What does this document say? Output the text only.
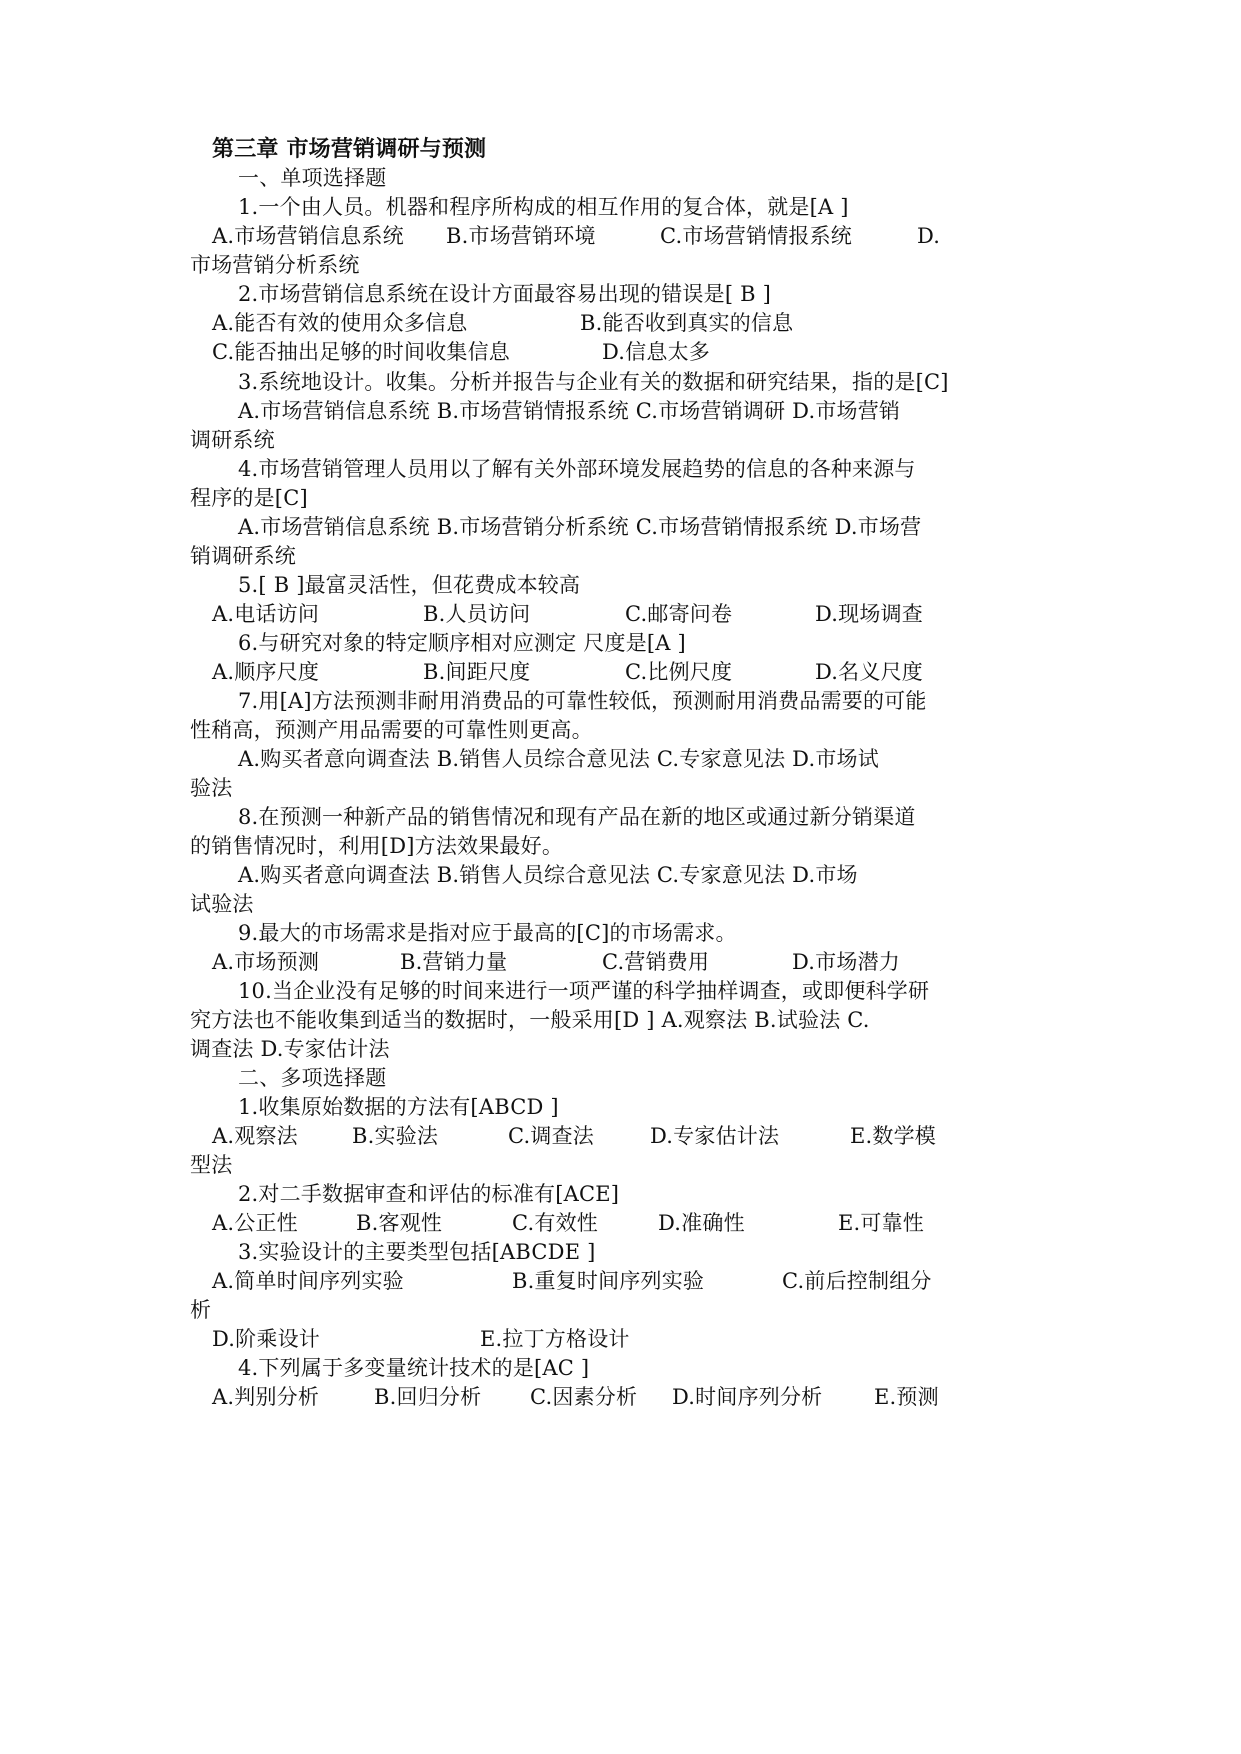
第三章 市场营销调研与预测
一、单项选择题
1.一个由人员。机器和程序所构成的相互作用的复合体，就是[A ]
A.市场营销信息系统 B.市场营销环境	C.市场营销情报系统	D.
市场营销分析系统
2.市场营销信息系统在设计方面最容易出现的错误是[ B ]
A.能否有效的使用众多信息	B.能否收到真实的信息
C.能否抽出足够的时间收集信息	D.信息太多
3.系统地设计。收集。分析并报告与企业有关的数据和研究结果，指的是[C]
A.市场营销信息系统 B.市场营销情报系统 C.市场营销调研 D.市场营销
调研系统
4.市场营销管理人员用以了解有关外部环境发展趋势的信息的各种来源与
程序的是[C]
A.市场营销信息系统 B.市场营销分析系统 C.市场营销情报系统 D.市场营
销调研系统
5.[ B ]最富灵活性，但花费成本较高
A.电话访问	B.人员访问	C.邮寄问卷	D.现场调查
6.与研究对象的特定顺序相对应测定 尺度是[A ]
A.顺序尺度	B.间距尺度	C.比例尺度	D.名义尺度
7.用[A]方法预测非耐用消费品的可靠性较低，预测耐用消费品需要的可能
性稍高，预测产用品需要的可靠性则更高。
A.购买者意向调查法 B.销售人员综合意见法 C.专家意见法 D.市场试
验法
8.在预测一种新产品的销售情况和现有产品在新的地区或通过新分销渠道
的销售情况时，利用[D]方法效果最好。
A.购买者意向调查法 B.销售人员综合意见法 C.专家意见法 D.市场
试验法
9.最大的市场需求是指对应于最高的[C]的市场需求。
A.市场预测	B.营销力量	C.营销费用	D.市场潜力
10.当企业没有足够的时间来进行一项严谨的科学抽样调查，或即便科学研
究方法也不能收集到适当的数据时，一般采用[D ] A.观察法 B.试验法 C.
调查法 D.专家估计法
二、多项选择题
1.收集原始数据的方法有[ABCD ]
A.观察法	B.实验法	C.调查法	D.专家估计法	E.数学模
型法
2.对二手数据审查和评估的标准有[ACE]
A.公正性	B.客观性	C.有效性	D.准确性	E.可靠性
3.实验设计的主要类型包括[ABCDE ]
A.简单时间序列实验	B.重复时间序列实验	C.前后控制组分
析
D.阶乘设计	E.拉丁方格设计
4.下列属于多变量统计技术的是[AC ]
A.判别分析	B.回归分析 C.因素分析 D.时间序列分析 E.预测
